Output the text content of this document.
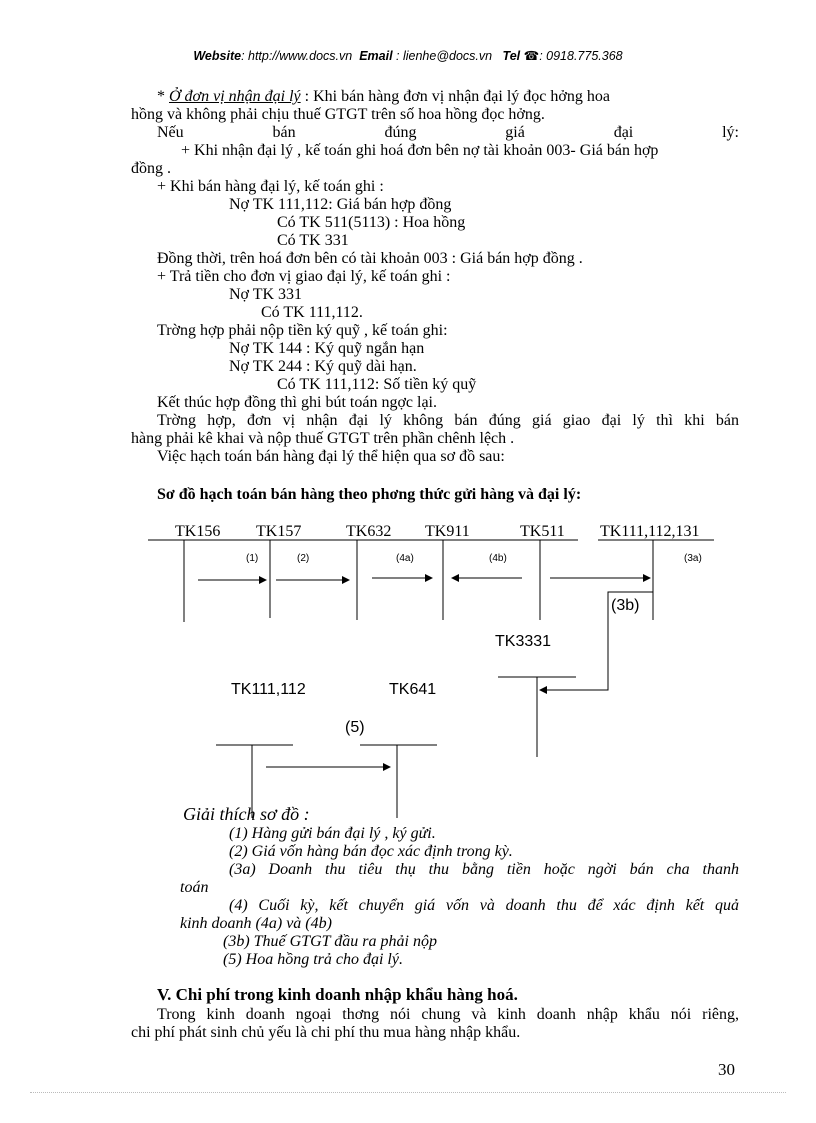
Website: http://www.docs.vn Email : lienhe@docs.vn Tel ☎: 0918.775.368
* Ở đơn vị nhận đại lý : Khi bán hàng đơn vị nhận đại lý đọc hởng hoa
hồng và không phải chịu thuế GTGT trên số hoa hồng đọc hởng.
Nếu bán đúng giá đại lý:
+ Khi nhận đại lý , kế toán ghi hoá đơn bên nợ tài khoản 003- Giá bán hợp
đồng .
+ Khi bán hàng đại lý, kế toán ghi :
Nợ TK 111,112: Giá bán hợp đồng
Có TK 511(5113) : Hoa hồng
Có TK 331
Đồng thời, trên hoá đơn bên có tài khoản 003 : Giá bán hợp đồng .
+ Trả tiền cho đơn vị giao đại lý, kế toán ghi :
Nợ TK 331
Có TK 111,112.
Trờng hợp phải nộp tiền ký quỹ , kế toán ghi:
Nợ TK 144 : Ký quỹ ngắn hạn
Nợ TK 244 : Ký quỹ dài hạn.
Có TK 111,112: Số tiền ký quỹ
Kết thúc hợp đồng thì ghi bút toán ngợc lại.
Trờng hợp, đơn vị nhận đại lý không bán đúng giá giao đại lý thì khi bán
hàng phải kê khai và nộp thuế GTGT trên phần chênh lệch .
Việc hạch toán bán hàng đại lý thể hiện qua sơ đồ sau:
Sơ đồ hạch toán bán hàng theo phơng thức gửi hàng và đại lý:
TK156 TK157	TK632 TK911	TK511 TK111,112,131
(1)	(2)	(4a)	(4b)	(3a)
(3b)
TK3331
TK111,112	TK641
(5)
Giải thích sơ đồ :
(1) Hàng gửi bán đại lý , ký gửi.
(2) Giá vốn hàng bán đọc xác định trong kỳ.
(3a) Doanh thu tiêu thụ thu bằng tiền hoặc ngời bán cha thanh
toán
(4) Cuối kỳ, kết chuyển giá vốn và doanh thu để xác định kết quả
kinh doanh (4a) và (4b)
(3b) Thuế GTGT đầu ra phải nộp
(5) Hoa hồng trả cho đại lý.
V. Chi phí trong kinh doanh nhập khẩu hàng hoá.
Trong kinh doanh ngoại thơng nói chung và kinh doanh nhập khẩu nói riêng,
chi phí phát sinh chủ yếu là chi phí thu mua hàng nhập khẩu.
30
